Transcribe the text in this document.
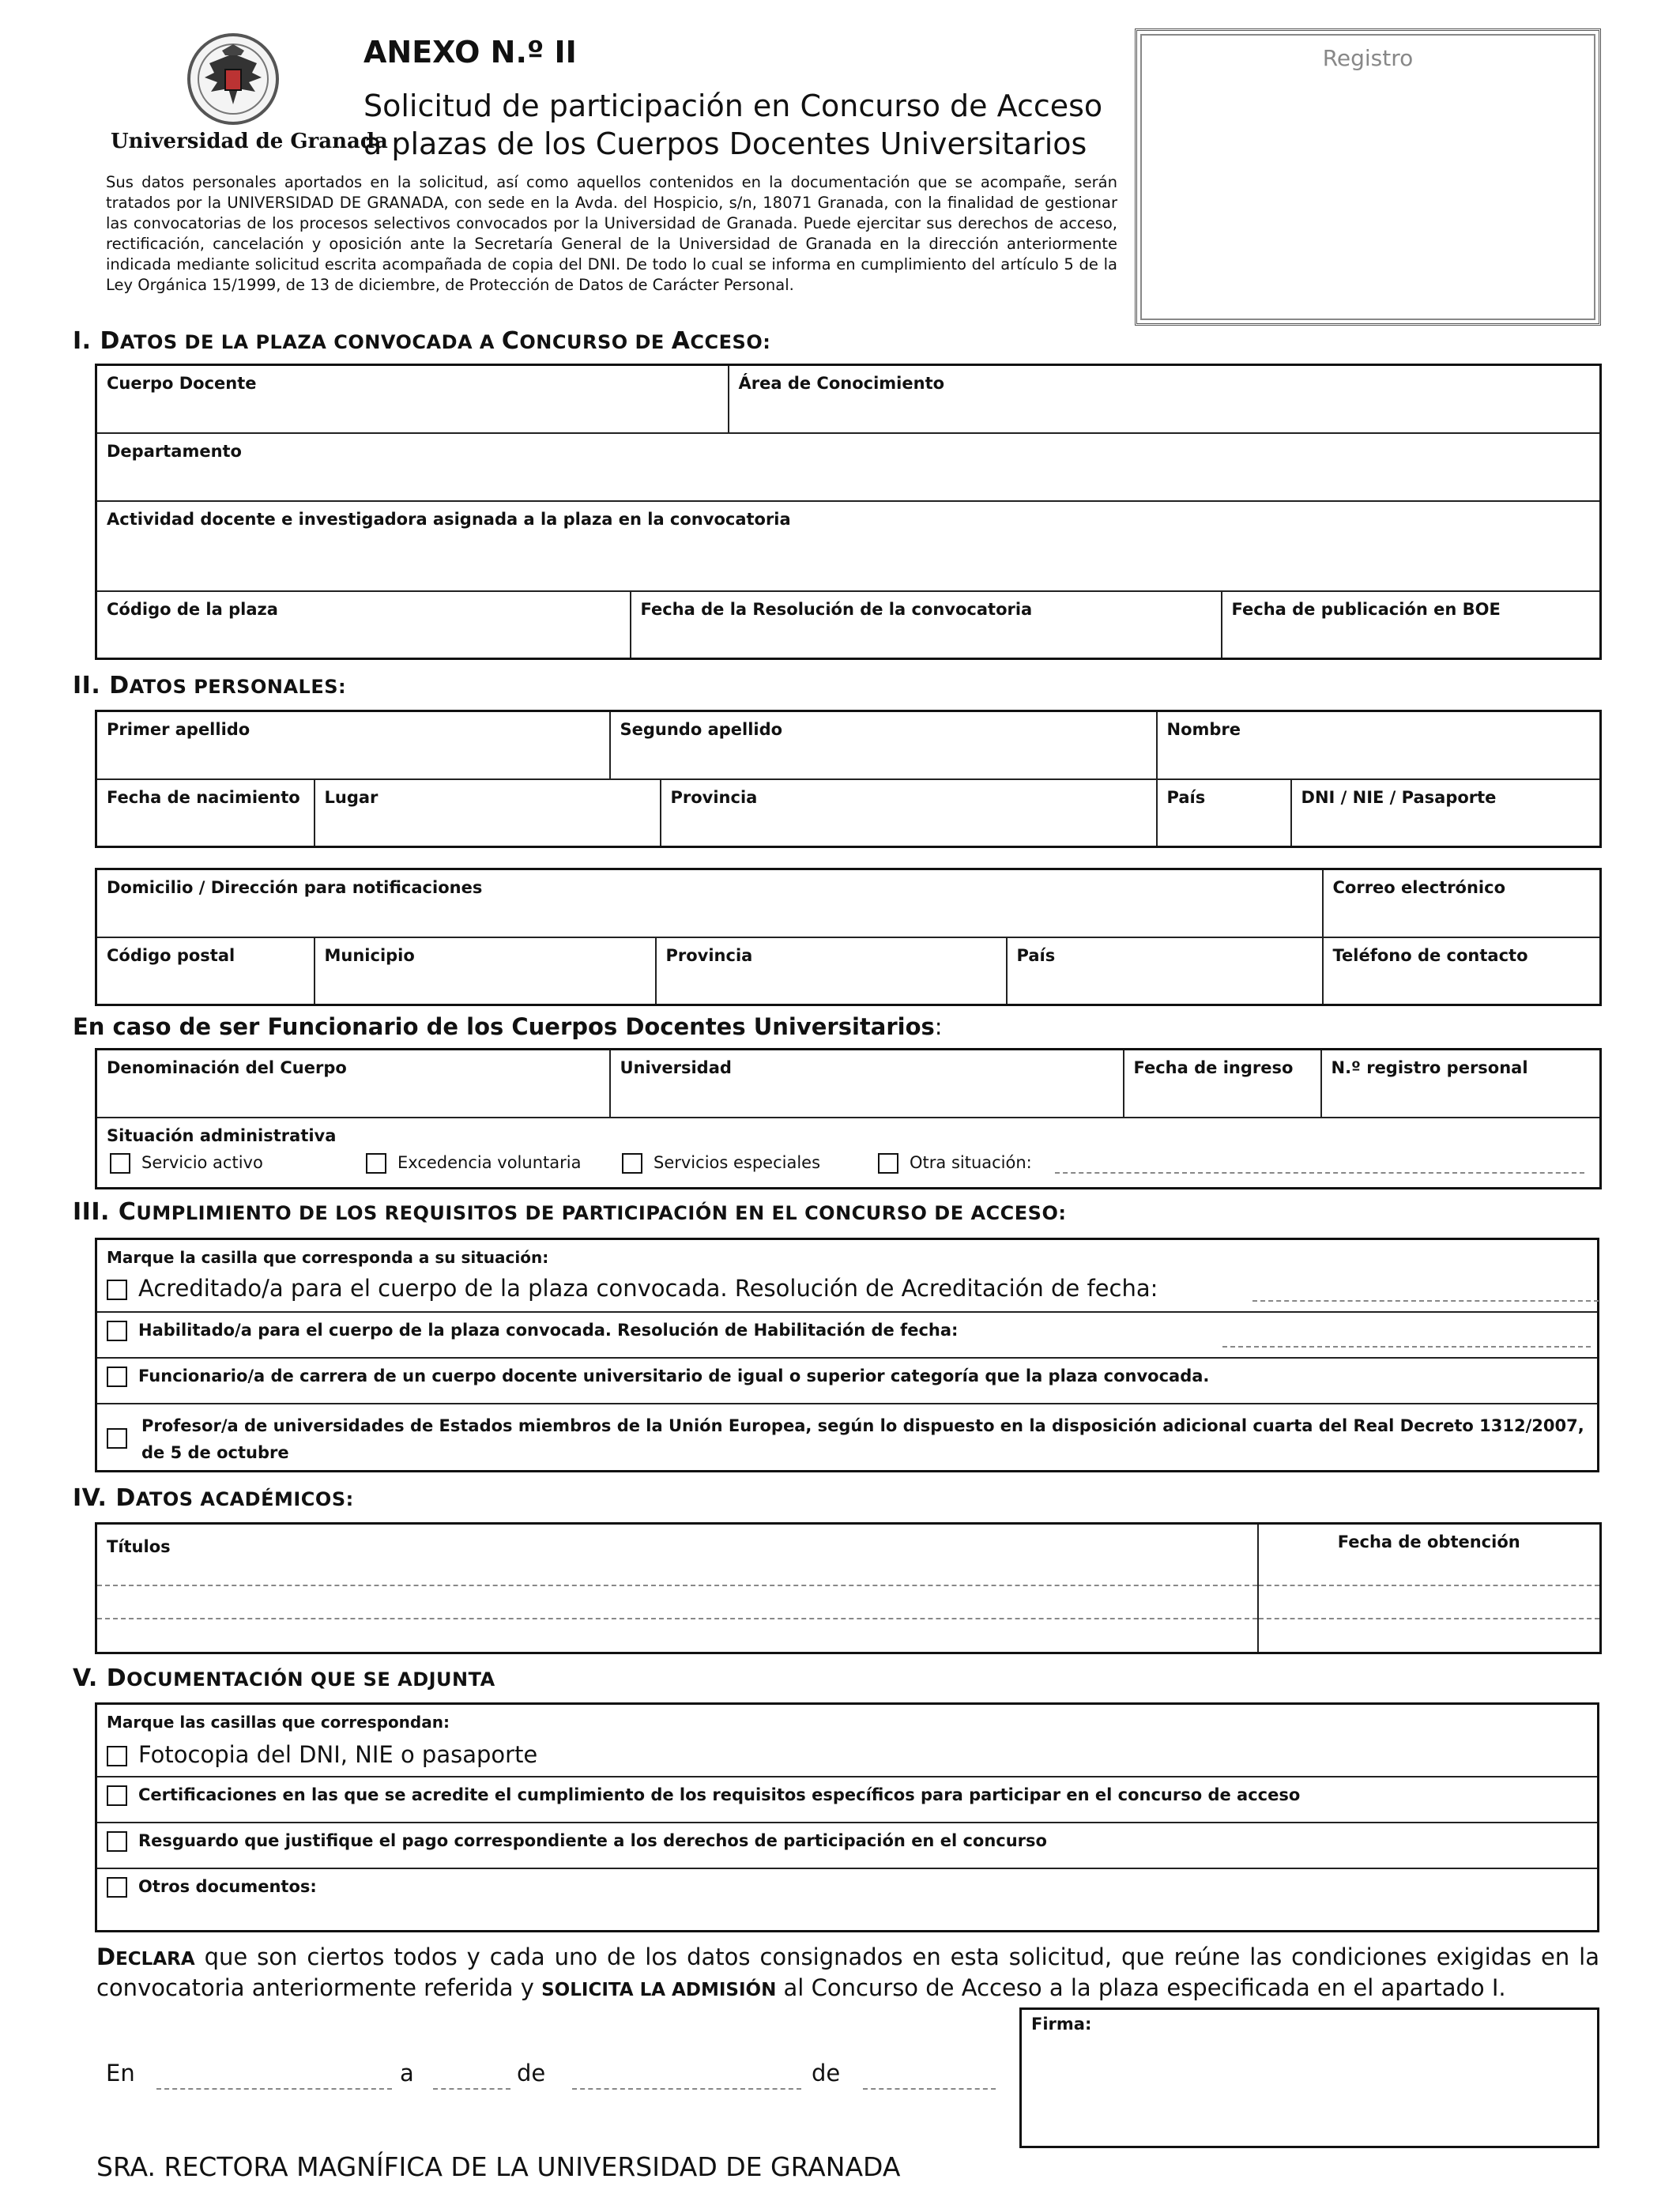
Universidad de Granada
ANEXO N.º II
Solicitud de participación en Concurso de Acceso
a plazas de los Cuerpos Docentes Universitarios
Sus datos personales aportados en la solicitud, así como aquellos contenidos en la documentación que se acompañe, serán tratados por la UNIVERSIDAD DE GRANADA, con sede en la Avda. del Hospicio, s/n, 18071 Granada, con la finalidad de gestionar las convocatorias de los procesos selectivos convocados por la Universidad de Granada. Puede ejercitar sus derechos de acceso, rectificación, cancelación y oposición ante la Secretaría General de la Universidad de Granada en la dirección anteriormente indicada mediante solicitud escrita acompañada de copia del DNI. De todo lo cual se informa en cumplimiento del artículo 5 de la Ley Orgánica 15/1999, de 13 de diciembre, de Protección de Datos de Carácter Personal.
Registro
I. DATOS DE LA PLAZA CONVOCADA A CONCURSO DE ACCESO:
Cuerpo Docente		Área de Conocimiento	
Departamento			
Actividad docente e investigadora asignada a la plaza en la convocatoria			
Código de la plaza	Fecha de la Resolución de la convocatoria		Fecha de publicación en BOE
II. DATOS PERSONALES:
Primer apellido		Segundo apellido		Nombre	
Fecha de nacimiento	Lugar		Provincia	País	DNI / NIE / Pasaporte
Domicilio / Dirección para notificaciones				Correo electrónico
Código postal	Municipio	Provincia	País	Teléfono de contacto
En caso de ser Funcionario de los Cuerpos Docentes Universitarios:
Denominación del Cuerpo	Universidad	Fecha de ingreso	N.º registro personal

Situación administrativa
Servicio activo	Excedencia voluntaria	Servicios especiales	Otra situación:
III. CUMPLIMIENTO DE LOS REQUISITOS DE PARTICIPACIÓN EN EL CONCURSO DE ACCESO:
Marque la casilla que corresponda a su situación:
Acreditado/a para el cuerpo de la plaza convocada. Resolución de Acreditación de fecha:

Habilitado/a para el cuerpo de la plaza convocada. Resolución de Habilitación de fecha:

Funcionario/a de carrera de un cuerpo docente universitario de igual o superior categoría que la plaza convocada.

Profesor/a de universidades de Estados miembros de la Unión Europea, según lo dispuesto en la disposición adicional cuarta del Real Decreto 1312/2007, de 5 de octubre
IV. DATOS ACADÉMICOS:
Títulos	Fecha de obtención

V. DOCUMENTACIÓN QUE SE ADJUNTA
Marque las casillas que correspondan:
Fotocopia del DNI, NIE o pasaporte

Certificaciones en las que se acredite el cumplimiento de los requisitos específicos para participar en el concurso de acceso
Resguardo que justifique el pago correspondiente a los derechos de participación en el concurso
Otros documentos:
DECLARA que son ciertos todos y cada uno de los datos consignados en esta solicitud, que reúne las condiciones exigidas en la convocatoria anteriormente referida y SOLICITA LA ADMISIÓN al Concurso de Acceso a la plaza especificada en el apartado I.
Firma:
En	a	de	de
SRA. RECTORA MAGNÍFICA DE LA UNIVERSIDAD DE GRANADA
